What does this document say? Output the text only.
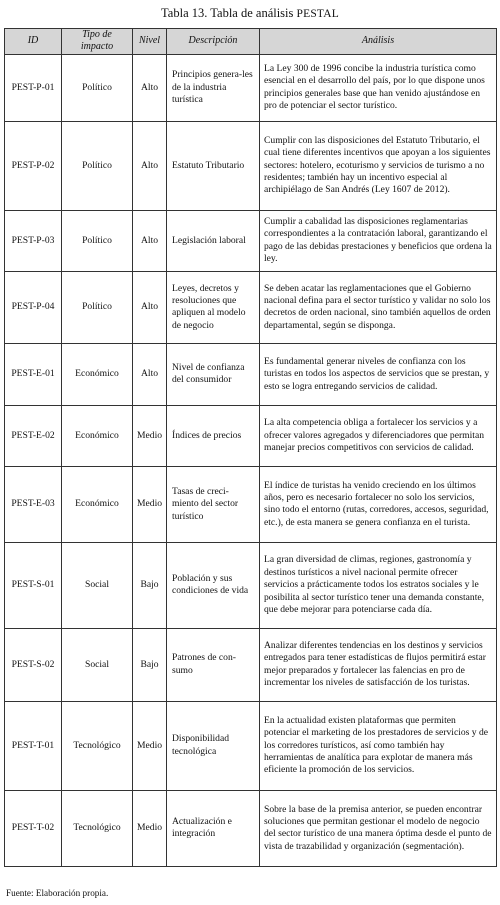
Tabla 13. Tabla de análisis PESTAL
ID	Tipo de impacto	Nivel	Descripción	Análisis
PEST-P-01	Político	Alto	Principios genera-les de la industria turística	La Ley 300 de 1996 concibe la industria turística como esencial en el desarrollo del país, por lo que dispone unos principios generales base que han venido ajustándose en pro de potenciar el sector turístico.
PEST-P-02	Político	Alto	Estatuto Tributario	Cumplir con las disposiciones del Estatuto Tributario, el cual tiene diferentes incentivos que apoyan a los siguientes sectores: hotelero, ecoturismo y servicios de turismo a no residentes; también hay un incentivo especial al archipiélago de San Andrés (Ley 1607 de 2012).
PEST-P-03	Político	Alto	Legislación laboral	Cumplir a cabalidad las disposiciones reglamentarias correspondientes a la contratación laboral, garantizando el pago de las debidas prestaciones y beneficios que ordena la ley.
PEST-P-04	Político	Alto	Leyes, decretos y resoluciones que apliquen al modelo de negocio	Se deben acatar las reglamentaciones que el Gobierno nacional defina para el sector turístico y validar no solo los decretos de orden nacional, sino también aquellos de orden departamental, según se disponga.
PEST-E-01	Económico	Alto	Nivel de confianza del consumidor	Es fundamental generar niveles de confianza con los turistas en todos los aspectos de servicios que se prestan, y esto se logra entregando servicios de calidad.
PEST-E-02	Económico	Medio	Índices de precios	La alta competencia obliga a fortalecer los servicios y a ofrecer valores agregados y diferenciadores que permitan manejar precios competitivos con servicios de calidad.
PEST-E-03	Económico	Medio	Tasas de creci-miento del sector turístico	El índice de turistas ha venido creciendo en los últimos años, pero es necesario fortalecer no solo los servicios, sino todo el entorno (rutas, corredores, accesos, seguridad, etc.), de esta manera se genera confianza en el turista.
PEST-S-01	Social	Bajo	Población y sus condiciones de vida	La gran diversidad de climas, regiones, gastronomía y destinos turísticos a nivel nacional permite ofrecer servicios a prácticamente todos los estratos sociales y le posibilita al sector turístico tener una demanda constante, que debe mejorar para potenciarse cada día.
PEST-S-02	Social	Bajo	Patrones de con-sumo	Analizar diferentes tendencias en los destinos y servicios entregados para tener estadísticas de flujos permitirá estar mejor preparados y fortalecer las falencias en pro de incrementar los niveles de satisfacción de los turistas.
PEST-T-01	Tecnológico	Medio	Disponibilidad tecnológica	En la actualidad existen plataformas que permiten potenciar el marketing de los prestadores de servicios y de los corredores turísticos, así como también hay herramientas de analítica para explotar de manera más eficiente la promoción de los servicios.
PEST-T-02	Tecnológico	Medio	Actualización e integración	Sobre la base de la premisa anterior, se pueden encontrar soluciones que permitan gestionar el modelo de negocio del sector turístico de una manera óptima desde el punto de vista de trazabilidad y organización (segmentación).
Fuente: Elaboración propia.
